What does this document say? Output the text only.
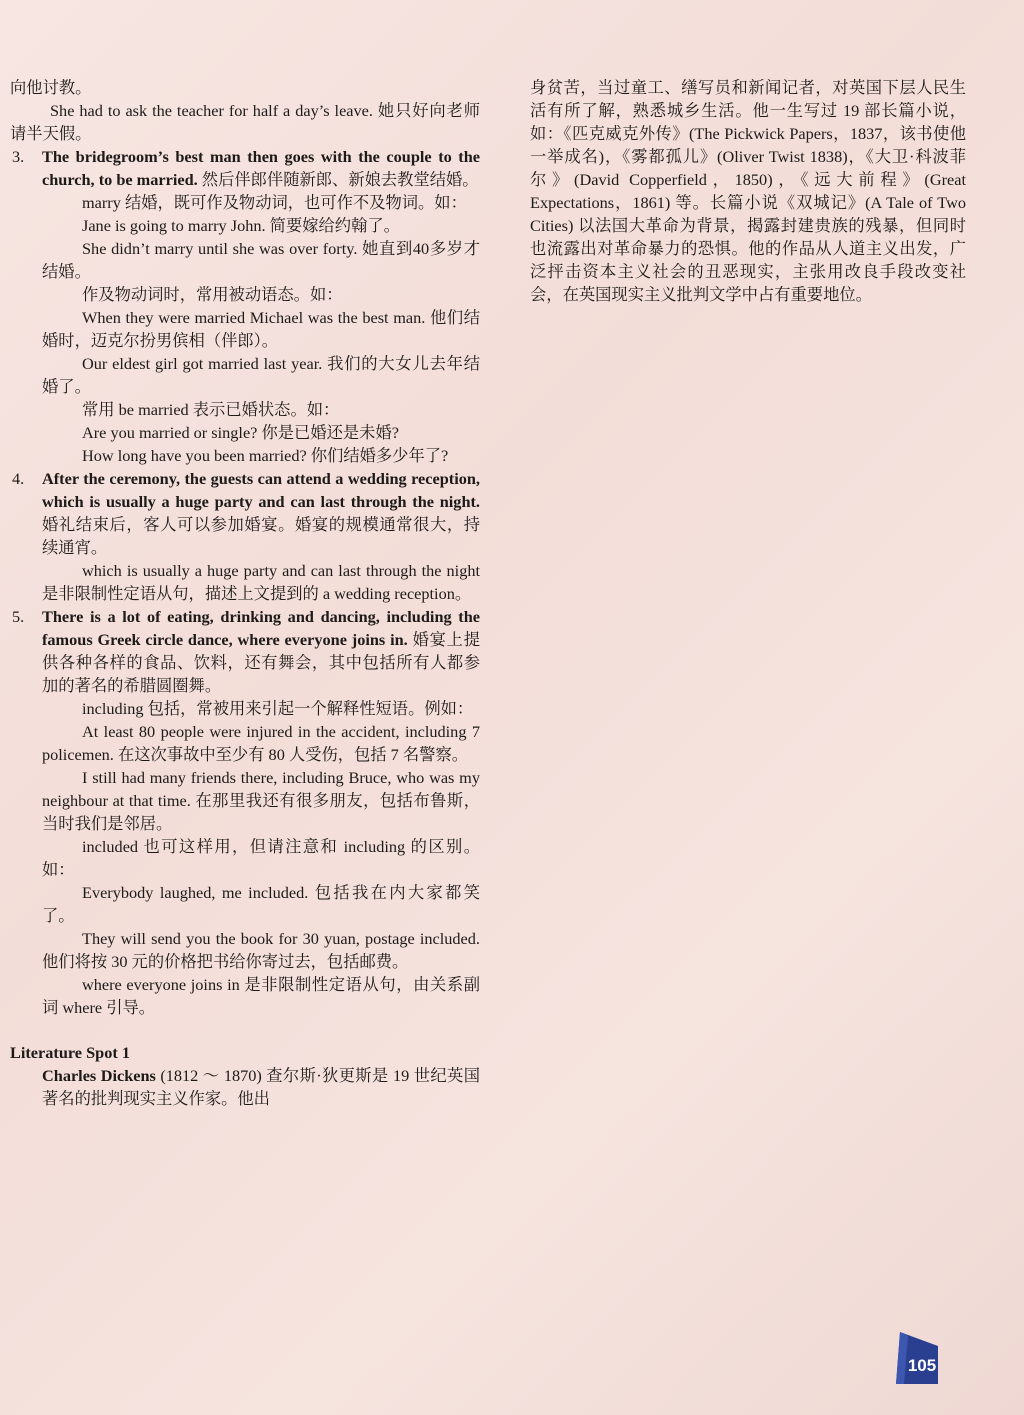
向他讨教。

She had to ask the teacher for half a day’s leave. 她只好向老师请半天假。

3. The bridegroom’s best man then goes with the couple to the church, to be married. 然后伴郎伴随新郎、新娘去教堂结婚。

marry 结婚，既可作及物动词，也可作不及物词。如：

Jane is going to marry John. 简要嫁给约翰了。

She didn’t marry until she was over forty. 她直到40多岁才结婚。

作及物动词时，常用被动语态。如：

When they were married Michael was the best man. 他们结婚时，迈克尔扮男傧相（伴郎）。

Our eldest girl got married last year. 我们的大女儿去年结婚了。

常用 be married 表示已婚状态。如：

Are you married or single? 你是已婚还是未婚?

How long have you been married? 你们结婚多少年了?

4. After the ceremony, the guests can attend a wedding reception, which is usually a huge party and can last through the night. 婚礼结束后，客人可以参加婚宴。婚宴的规模通常很大，持续通宵。

which is usually a huge party and can last through the night 是非限制性定语从句，描述上文提到的 a wedding reception。

5. There is a lot of eating, drinking and dancing, including the famous Greek circle dance, where everyone joins in. 婚宴上提供各种各样的食品、饮料，还有舞会，其中包括所有人都参加的著名的希腊圆圈舞。

including 包括，常被用来引起一个解释性短语。例如：

At least 80 people were injured in the accident, including 7 policemen. 在这次事故中至少有 80 人受伤，包括 7 名警察。

I still had many friends there, including Bruce, who was my neighbour at that time. 在那里我还有很多朋友，包括布鲁斯，当时我们是邻居。

included 也可这样用，但请注意和 including 的区别。如：

Everybody laughed, me included. 包括我在内大家都笑了。

They will send you the book for 30 yuan, postage included. 他们将按 30 元的价格把书给你寄过去，包括邮费。

where everyone joins in 是非限制性定语从句，由关系副词 where 引导。

Literature Spot 1

Charles Dickens (1812 〜 1870) 查尔斯·狄更斯是 19 世纪英国著名的批判现实主义作家。他出

身贫苦，当过童工、缮写员和新闻记者，对英国下层人民生活有所了解，熟悉城乡生活。他一生写过 19 部长篇小说，如：《匹克威克外传》(The Pickwick Papers，1837，该书使他一举成名)，《雾都孤儿》(Oliver Twist 1838)，《大卫·科波菲尔》(David Copperfield，1850)，《远大前程》(Great Expectations，1861) 等。长篇小说《双城记》(A Tale of Two Cities) 以法国大革命为背景，揭露封建贵族的残暴，但同时也流露出对革命暴力的恐惧。他的作品从人道主义出发，广泛抨击资本主义社会的丑恶现实，主张用改良手段改变社会，在英国现实主义批判文学中占有重要地位。

105
